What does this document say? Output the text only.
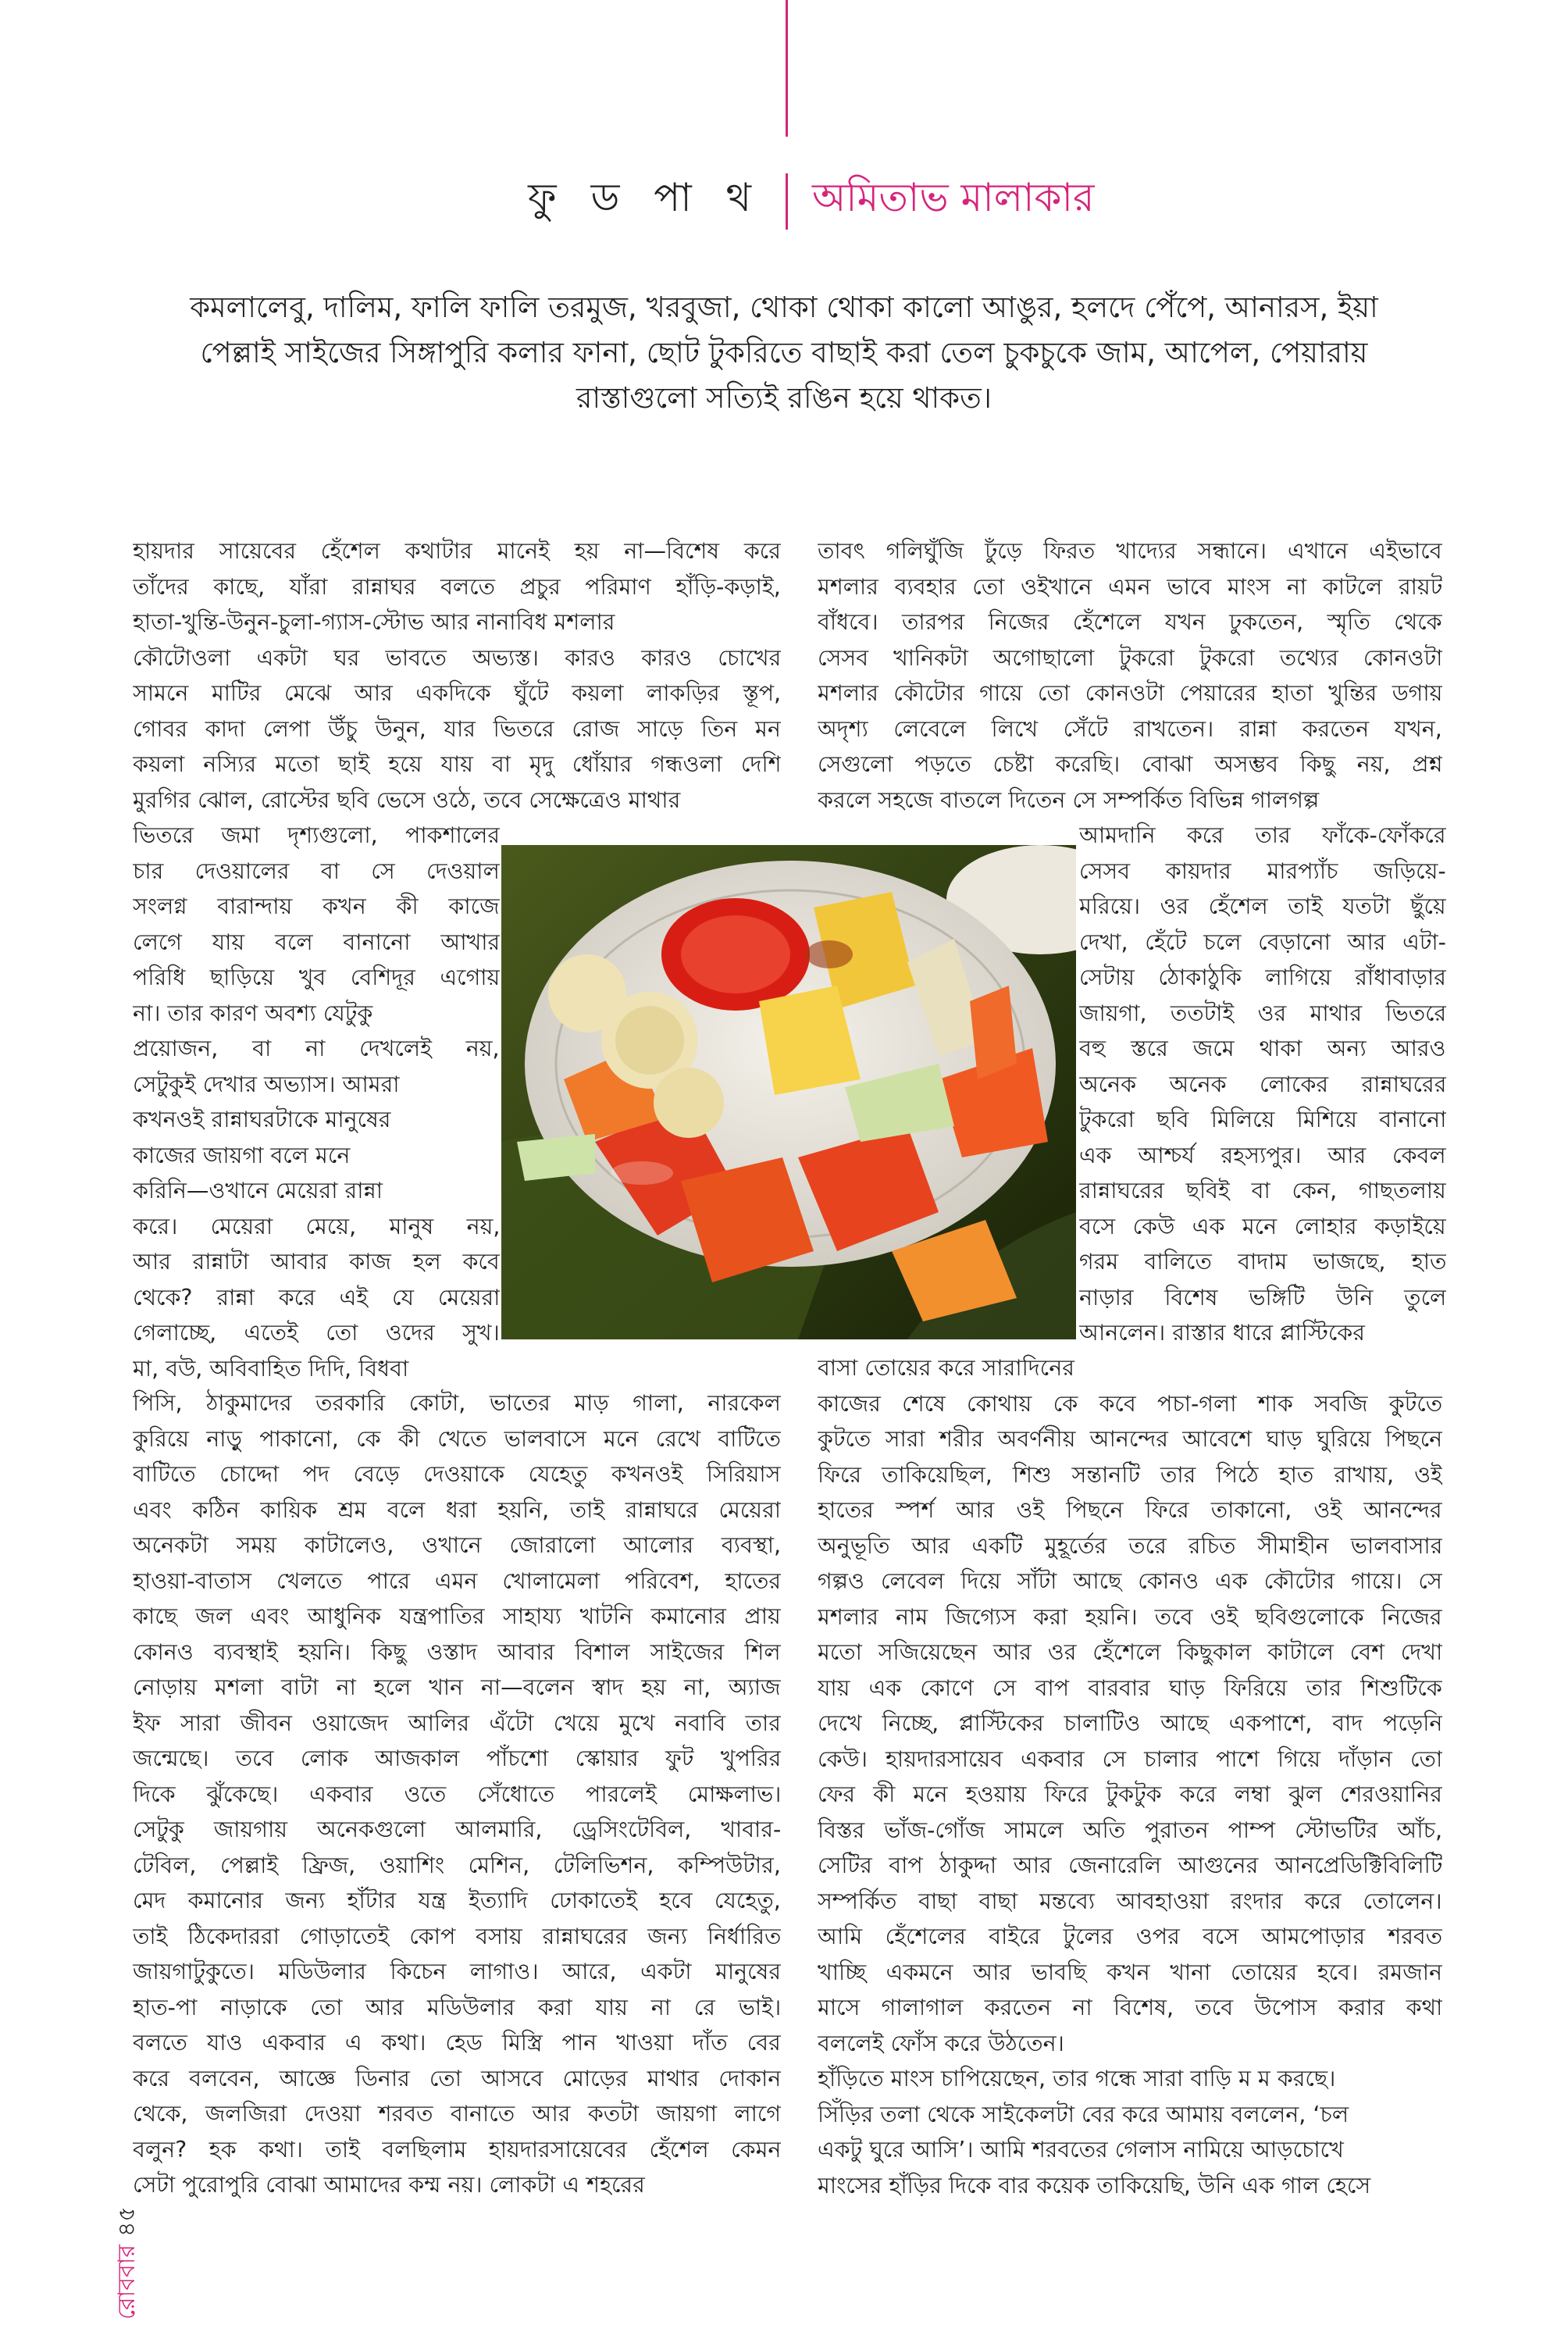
ফু ড পা থ অমিতাভ মালাকার
কমলালেবু, দালিম, ফালি ফালি তরমুজ, খরবুজা, থোকা থোকা কালো আঙুর, হলদে পেঁপে, আনারস, ইয়া
পেল্লাই সাইজের সিঙ্গাপুরি কলার ফানা, ছোট টুকরিতে বাছাই করা তেল চুকচুকে জাম, আপেল, পেয়ারায়
রাস্তাগুলো সত্যিই রঙিন হয়ে থাকত।
হায়দার সায়েবের হেঁশেল কথাটার মানেই হয় না—বিশেষ করে
তাঁদের কাছে, যাঁরা রান্নাঘর বলতে প্রচুর পরিমাণ হাঁড়ি-কড়াই,
হাতা-খুন্তি-উনুন-চুলা-গ্যাস-স্টোভ আর নানাবিধ মশলার
কৌটোওলা একটা ঘর ভাবতে অভ্যস্ত। কারও কারও চোখের
সামনে মাটির মেঝে আর একদিকে ঘুঁটে কয়লা লাকড়ির স্তূপ,
গোবর কাদা লেপা উঁচু উনুন, যার ভিতরে রোজ সাড়ে তিন মন
কয়লা নস্যির মতো ছাই হয়ে যায় বা মৃদু ধোঁয়ার গন্ধওলা দেশি
মুরগির ঝোল, রোস্টের ছবি ভেসে ওঠে, তবে সেক্ষেত্রেও মাথার
ভিতরে জমা দৃশ্যগুলো, পাকশালের
চার দেওয়ালের বা সে দেওয়াল
সংলগ্ন বারান্দায় কখন কী কাজে
লেগে যায় বলে বানানো আখার
পরিধি ছাড়িয়ে খুব বেশিদূর এগোয়
না। তার কারণ অবশ্য যেটুকু
প্রয়োজন, বা না দেখলেই নয়,
সেটুকুই দেখার অভ্যাস। আমরা
কখনওই রান্নাঘরটাকে মানুষের
কাজের জায়গা বলে মনে
করিনি—ওখানে মেয়েরা রান্না
করে। মেয়েরা মেয়ে, মানুষ নয়,
আর রান্নাটা আবার কাজ হল কবে
থেকে? রান্না করে এই যে মেয়েরা
গেলাচ্ছে, এতেই তো ওদের সুখ।
মা, বউ, অবিবাহিত দিদি, বিধবা
পিসি, ঠাকুমাদের তরকারি কোটা, ভাতের মাড় গালা, নারকেল
কুরিয়ে নাড়ু পাকানো, কে কী খেতে ভালবাসে মনে রেখে বাটিতে
বাটিতে চোদ্দো পদ বেড়ে দেওয়াকে যেহেতু কখনওই সিরিয়াস
এবং কঠিন কায়িক শ্রম বলে ধরা হয়নি, তাই রান্নাঘরে মেয়েরা
অনেকটা সময় কাটালেও, ওখানে জোরালো আলোর ব্যবস্থা,
হাওয়া-বাতাস খেলতে পারে এমন খোলামেলা পরিবেশ, হাতের
কাছে জল এবং আধুনিক যন্ত্রপাতির সাহায্য খাটনি কমানোর প্রায়
কোনও ব্যবস্থাই হয়নি। কিছু ওস্তাদ আবার বিশাল সাইজের শিল
নোড়ায় মশলা বাটা না হলে খান না—বলেন স্বাদ হয় না, অ্যাজ
ইফ সারা জীবন ওয়াজেদ আলির এঁটো খেয়ে মুখে নবাবি তার
জন্মেছে। তবে লোক আজকাল পাঁচশো স্কোয়ার ফুট খুপরির
দিকে ঝুঁকেছে। একবার ওতে সেঁধোতে পারলেই মোক্ষলাভ।
সেটুকু জায়গায় অনেকগুলো আলমারি, ড্রেসিংটেবিল, খাবার-
টেবিল, পেল্লাই ফ্রিজ, ওয়াশিং মেশিন, টেলিভিশন, কম্পিউটার,
মেদ কমানোর জন্য হাঁটার যন্ত্র ইত্যাদি ঢোকাতেই হবে যেহেতু,
তাই ঠিকেদাররা গোড়াতেই কোপ বসায় রান্নাঘরের জন্য নির্ধারিত
জায়গাটুকুতে। মডিউলার কিচেন লাগাও। আরে, একটা মানুষের
হাত-পা নাড়াকে তো আর মডিউলার করা যায় না রে ভাই।
বলতে যাও একবার এ কথা। হেড মিস্ত্রি পান খাওয়া দাঁত বের
করে বলবেন, আজ্ঞে ডিনার তো আসবে মোড়ের মাথার দোকান
থেকে, জলজিরা দেওয়া শরবত বানাতে আর কতটা জায়গা লাগে
বলুন? হক কথা। তাই বলছিলাম হায়দারসায়েবের হেঁশেল কেমন
সেটা পুরোপুরি বোঝা আমাদের কম্ম নয়। লোকটা এ শহরের
তাবৎ গলিঘুঁজি ঢুঁড়ে ফিরত খাদ্যের সন্ধানে। এখানে এইভাবে
মশলার ব্যবহার তো ওইখানে এমন ভাবে মাংস না কাটলে রায়ট
বাঁধবে। তারপর নিজের হেঁশেলে যখন ঢুকতেন, স্মৃতি থেকে
সেসব খানিকটা অগোছালো টুকরো টুকরো তথ্যের কোনওটা
মশলার কৌটোর গায়ে তো কোনওটা পেয়ারের হাতা খুন্তির ডগায়
অদৃশ্য লেবেলে লিখে সেঁটে রাখতেন। রান্না করতেন যখন,
সেগুলো পড়তে চেষ্টা করেছি। বোঝা অসম্ভব কিছু নয়, প্রশ্ন
করলে সহজে বাতলে দিতেন সে সম্পর্কিত বিভিন্ন গালগল্প
আমদানি করে তার ফাঁকে-ফোঁকরে
সেসব কায়দার মারপ্যাঁচ জড়িয়ে-
মরিয়ে। ওর হেঁশেল তাই যতটা ছুঁয়ে
দেখা, হেঁটে চলে বেড়ানো আর এটা-
সেটায় ঠোকাঠুকি লাগিয়ে রাঁধাবাড়ার
জায়গা, ততটাই ওর মাথার ভিতরে
বহু স্তরে জমে থাকা অন্য আরও
অনেক অনেক লোকের রান্নাঘরের
টুকরো ছবি মিলিয়ে মিশিয়ে বানানো
এক আশ্চর্য রহস্যপুর। আর কেবল
রান্নাঘরের ছবিই বা কেন, গাছতলায়
বসে কেউ এক মনে লোহার কড়াইয়ে
গরম বালিতে বাদাম ভাজছে, হাত
নাড়ার বিশেষ ভঙ্গিটি উনি তুলে
আনলেন। রাস্তার ধারে প্লাস্টিকের
বাসা তোয়ের করে সারাদিনের
কাজের শেষে কোথায় কে কবে পচা-গলা শাক সবজি কুটতে
কুটতে সারা শরীর অবর্ণনীয় আনন্দের আবেশে ঘাড় ঘুরিয়ে পিছনে
ফিরে তাকিয়েছিল, শিশু সন্তানটি তার পিঠে হাত রাখায়, ওই
হাতের স্পর্শ আর ওই পিছনে ফিরে তাকানো, ওই আনন্দের
অনুভূতি আর একটি মুহূর্তের তরে রচিত সীমাহীন ভালবাসার
গল্পও লেবেল দিয়ে সাঁটা আছে কোনও এক কৌটোর গায়ে। সে
মশলার নাম জিগ্যেস করা হয়নি। তবে ওই ছবিগুলোকে নিজের
মতো সজিয়েছেন আর ওর হেঁশেলে কিছুকাল কাটালে বেশ দেখা
যায় এক কোণে সে বাপ বারবার ঘাড় ফিরিয়ে তার শিশুটিকে
দেখে নিচ্ছে, প্লাস্টিকের চালাটিও আছে একপাশে, বাদ পড়েনি
কেউ। হায়দারসায়েব একবার সে চালার পাশে গিয়ে দাঁড়ান তো
ফের কী মনে হওয়ায় ফিরে টুকটুক করে লম্বা ঝুল শেরওয়ানির
বিস্তর ভাঁজ-গোঁজ সামলে অতি পুরাতন পাম্প স্টোভটির আঁচ,
সেটির বাপ ঠাকুদ্দা আর জেনারেলি আগুনের আনপ্রেডিক্টিবিলিটি
সম্পর্কিত বাছা বাছা মন্তব্যে আবহাওয়া রংদার করে তোলেন।
আমি হেঁশেলের বাইরে টুলের ওপর বসে আমপোড়ার শরবত
খাচ্ছি একমনে আর ভাবছি কখন খানা তোয়ের হবে। রমজান
মাসে গালাগাল করতেন না বিশেষ, তবে উপোস করার কথা
বললেই ফোঁস করে উঠতেন।
হাঁড়িতে মাংস চাপিয়েছেন, তার গন্ধে সারা বাড়ি ম ম করছে।
সিঁড়ির তলা থেকে সাইকেলটা বের করে আমায় বললেন, ‘চল
একটু ঘুরে আসি’। আমি শরবতের গেলাস নামিয়ে আড়চোখে
মাংসের হাঁড়ির দিকে বার কয়েক তাকিয়েছি, উনি এক গাল হেসে
রোববার৪৫
